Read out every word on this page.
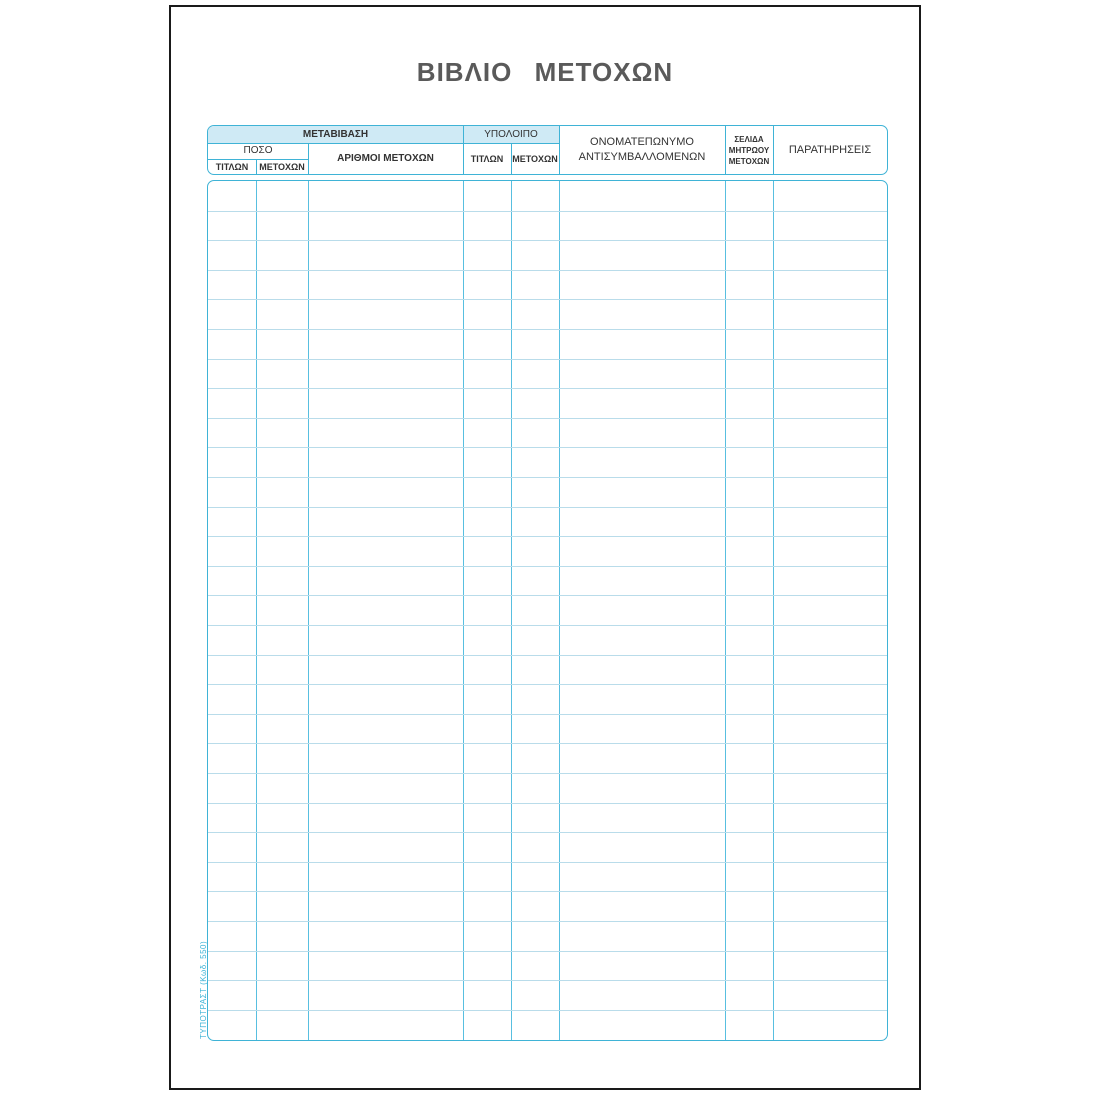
ΒΙΒΛΙΟ ΜΕΤΟΧΩΝ
ΜΕΤΑΒΙΒΑΣΗ
ΠΟΣΟ
ΤΙΤΛΩΝ	ΜΕΤΟΧΩΝ
ΑΡΙΘΜΟΙ ΜΕΤΟΧΩΝ
ΥΠΟΛΟΙΠΟ
ΤΙΤΛΩΝ ΜΕΤΟΧΩΝ
ΟΝΟΜΑΤΕΠΩΝΥΜΟ
ΑΝΤΙΣΥΜΒΑΛΛΟΜΕΝΩΝ
ΣΕΛΙΔΑ
ΜΗΤΡΩΟΥ
ΜΕΤΟΧΩΝ
ΠΑΡΑΤΗΡΗΣΕΙΣ
ΤΥΠΟΤΡΑΣΤ (Κωδ. 550)
